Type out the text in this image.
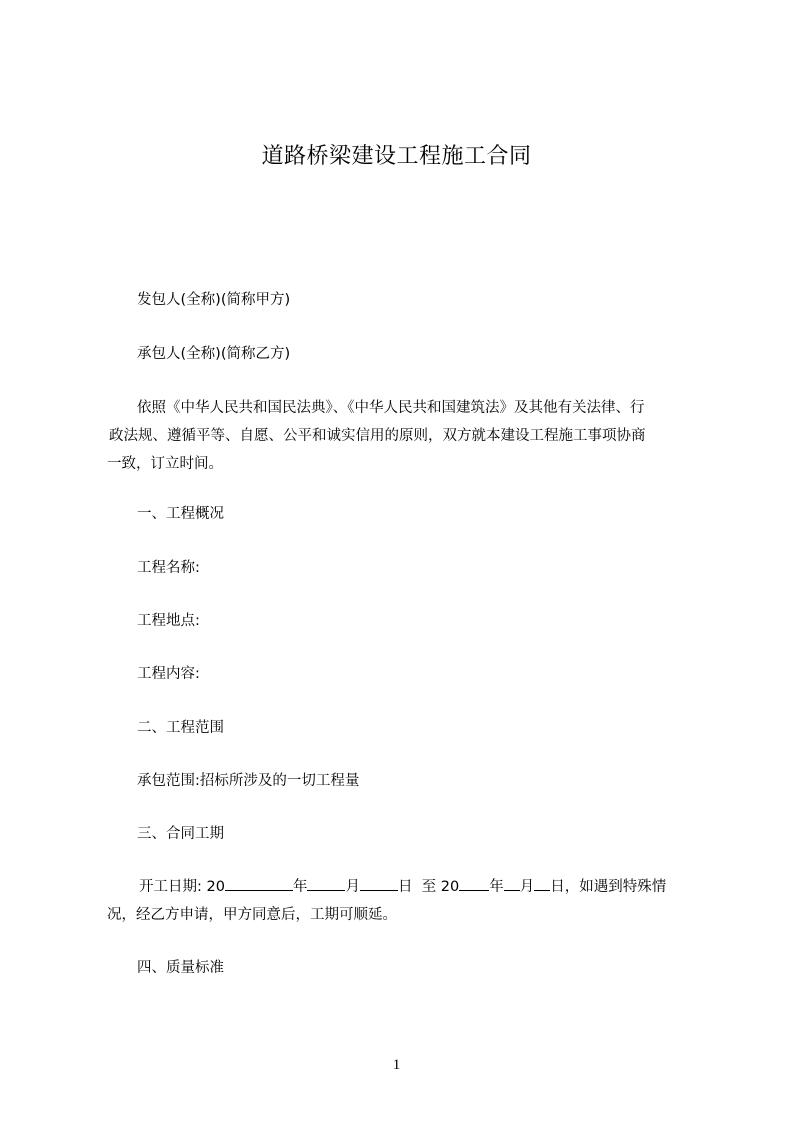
道路桥梁建设工程施工合同
发包人(全称)(简称甲方)
承包人(全称)(简称乙方)
依照《中华人民共和国民法典》、《中华人民共和国建筑法》及其他有关法律、行
政法规、遵循平等、自愿、公平和诚实信用的原则，双方就本建设工程施工事项协商
一致，订立时间。
一、工程概况
工程名称:
工程地点:
工程内容:
二、工程范围
承包范围:招标所涉及的一切工程量
三、合同工期
开工日期: 20	年	月	日 至 20 年 月 日，如遇到特殊情
况，经乙方申请，甲方同意后，工期可顺延。
四、质量标准
1
